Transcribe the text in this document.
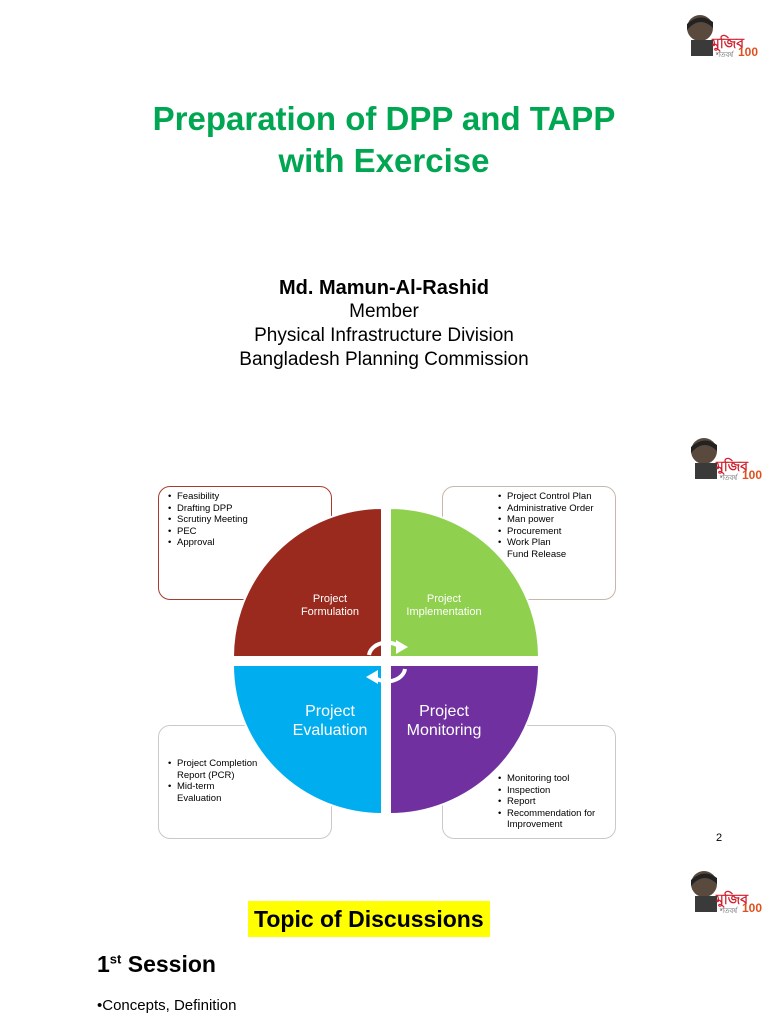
মুজিব
100
শতবর্ষ
মুজিব
100
শতবর্ষ
মুজিব
100
শতবর্ষ
Preparation of DPP and TAPP
with Exercise
Md. Mamun-Al-Rashid
Member
Physical Infrastructure Division
Bangladesh Planning Commission
• Feasibility
• Drafting DPP
• Scrutiny Meeting
• PEC
• Approval
• Project Control Plan
• Administrative Order
• Man power
• Procurement
• Work Plan
Fund Release
• Project Completion Report (PCR)
• Mid-term Evaluation
• Monitoring tool
• Inspection
• Report
• Recommendation for Improvement
Project
Formulation
Project
Implementation
Project
Evaluation
Project
Monitoring
2
Topic of Discussions
1st Session
•Concepts, Definition
